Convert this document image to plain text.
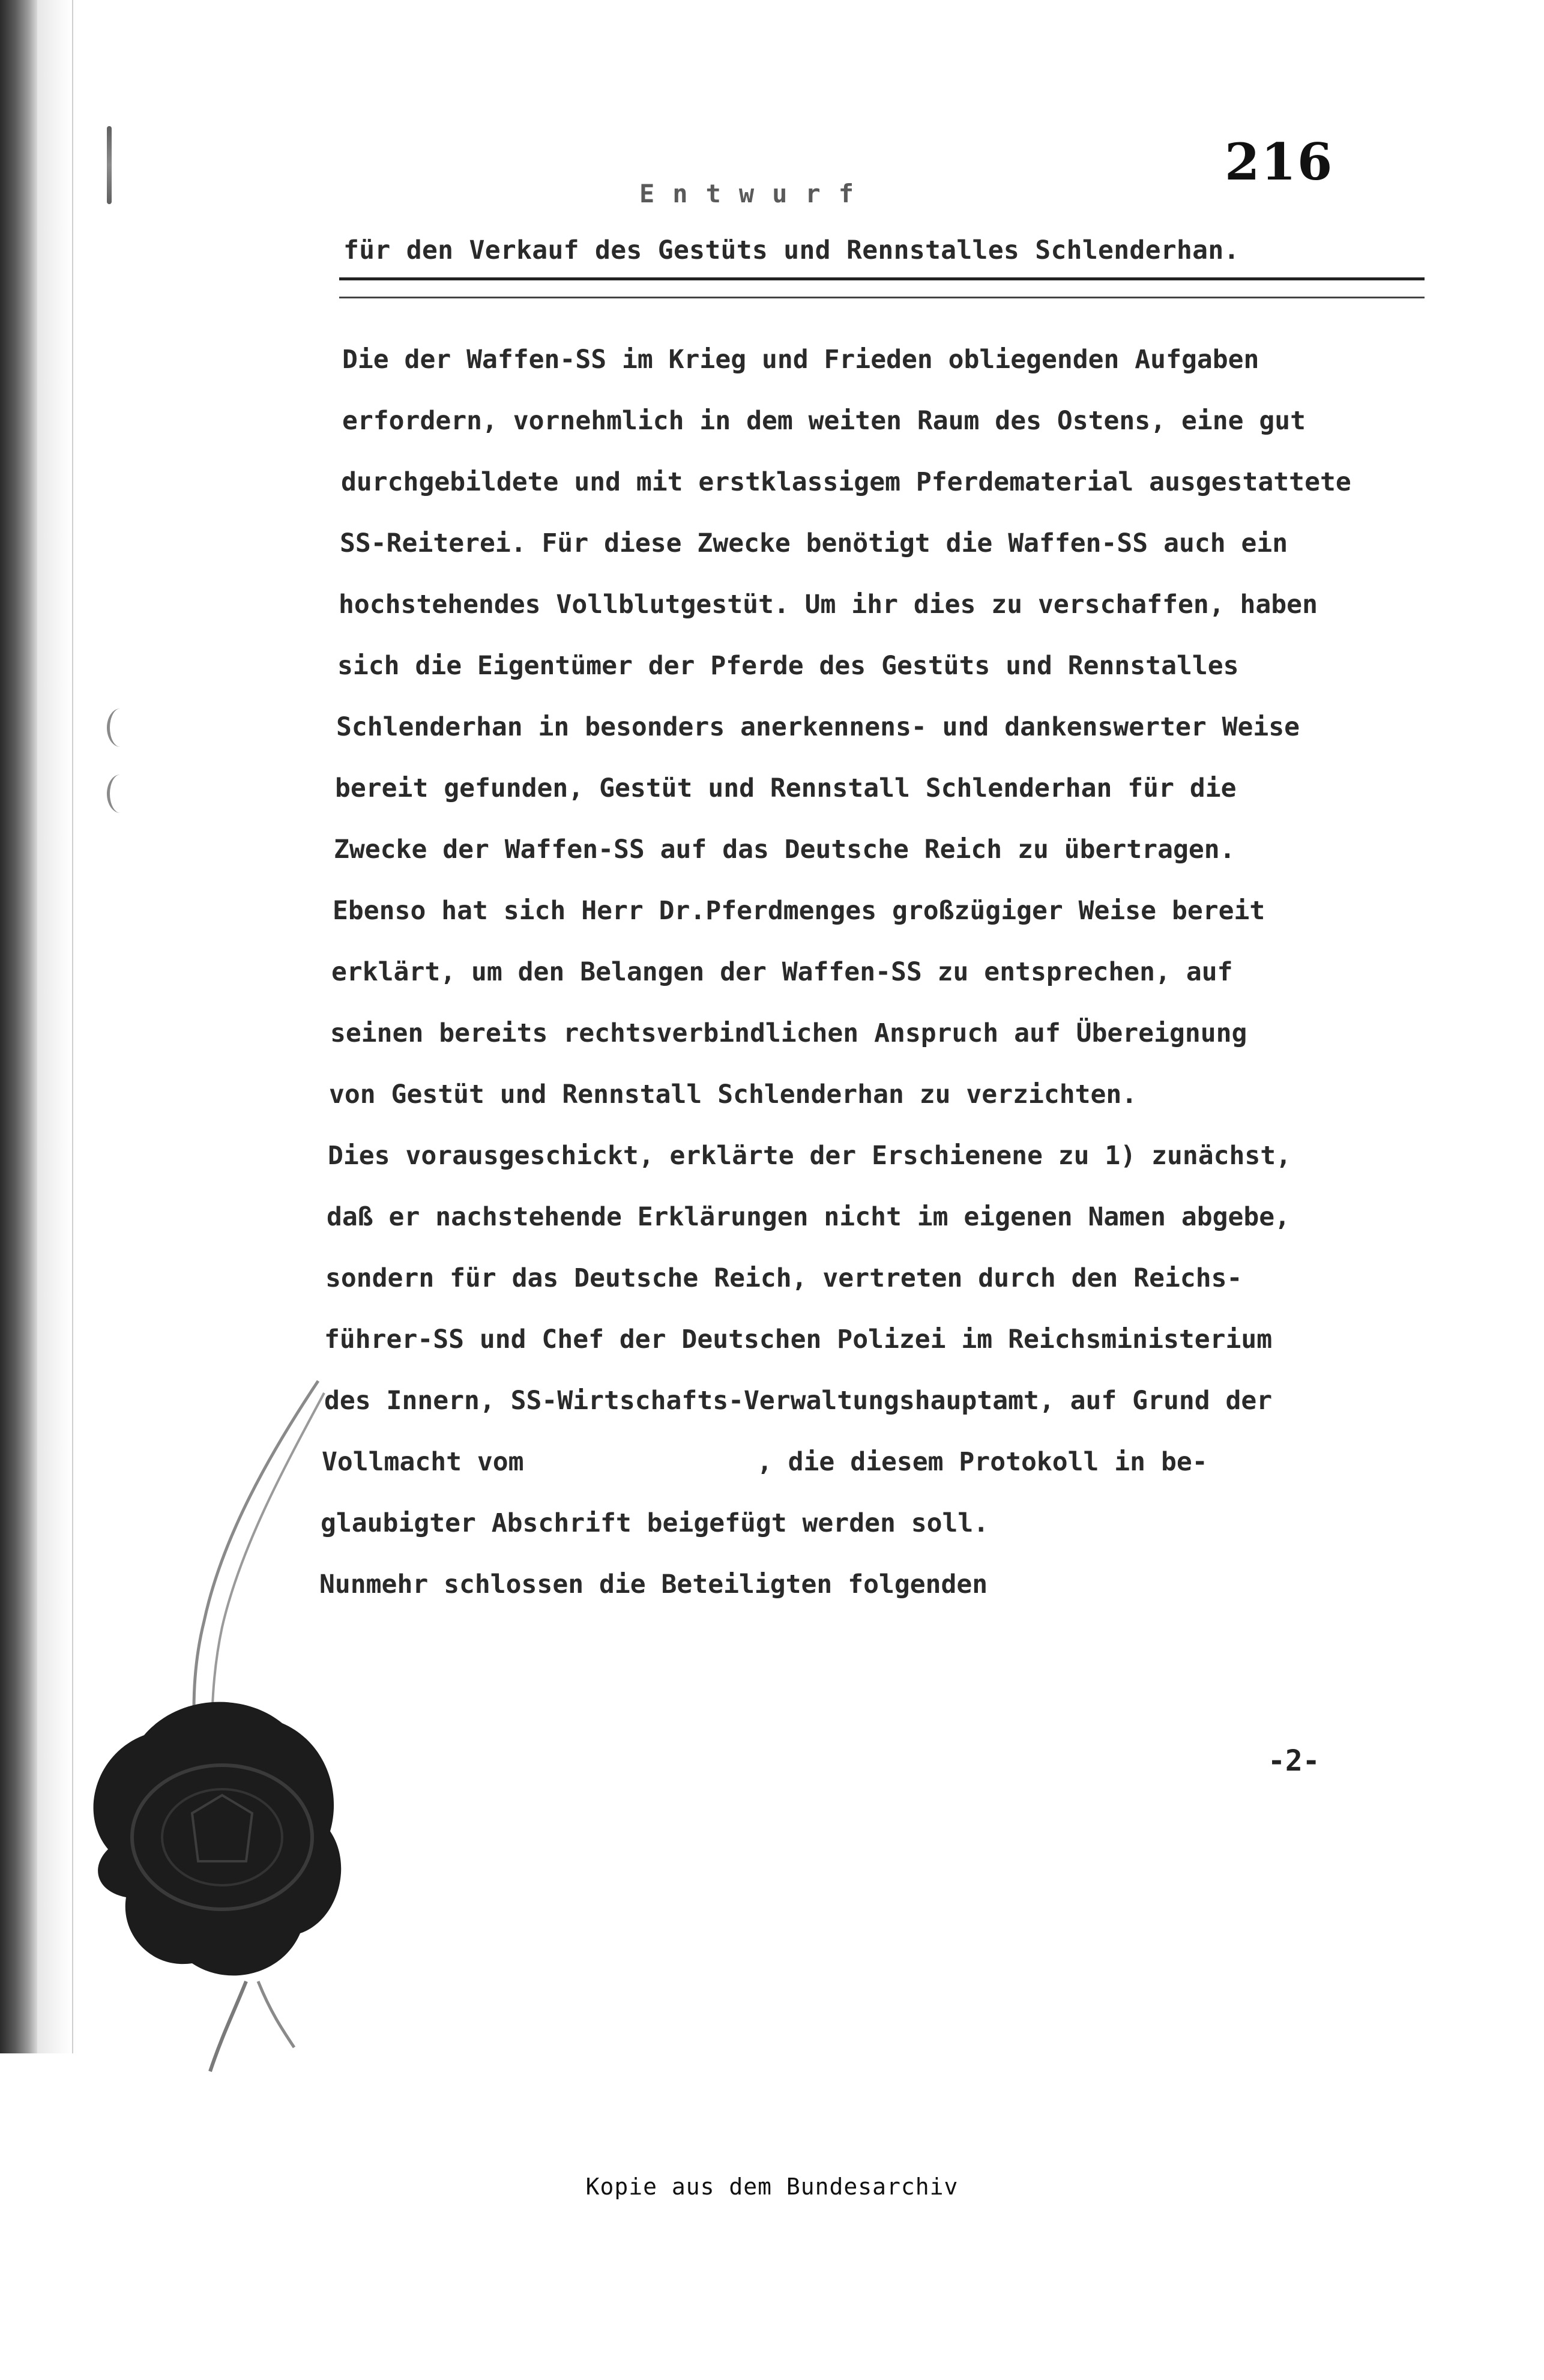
216
Entwurf
für den Verkauf des Gestüts und Rennstalles Schlenderhan.
Die der Waffen-SS im Krieg und Frieden obliegenden Aufgaben
erfordern, vornehmlich in dem weiten Raum des Ostens, eine gut
durchgebildete und mit erstklassigem Pferdematerial ausgestattete
SS-Reiterei. Für diese Zwecke benötigt die Waffen-SS auch ein
hochstehendes Vollblutgestüt. Um ihr dies zu verschaffen, haben
sich die Eigentümer der Pferde des Gestüts und Rennstalles
Schlenderhan in besonders anerkennens- und dankenswerter Weise
bereit gefunden, Gestüt und Rennstall Schlenderhan für die
Zwecke der Waffen-SS auf das Deutsche Reich zu übertragen.
Ebenso hat sich Herr Dr.Pferdmenges großzügiger Weise bereit
erklärt, um den Belangen der Waffen-SS zu entsprechen, auf
seinen bereits rechtsverbindlichen Anspruch auf Übereignung
von Gestüt und Rennstall Schlenderhan zu verzichten.
Dies vorausgeschickt, erklärte der Erschienene zu 1) zunächst,
daß er nachstehende Erklärungen nicht im eigenen Namen abgebe,
sondern für das Deutsche Reich, vertreten durch den Reichs-
führer-SS und Chef der Deutschen Polizei im Reichsministerium
des Innern, SS-Wirtschafts-Verwaltungshauptamt, auf Grund der
Vollmacht vom               , die diesem Protokoll in be-
glaubigter Abschrift beigefügt werden soll.
Nunmehr schlossen die Beteiligten folgenden
-2-
Kopie aus dem Bundesarchiv
